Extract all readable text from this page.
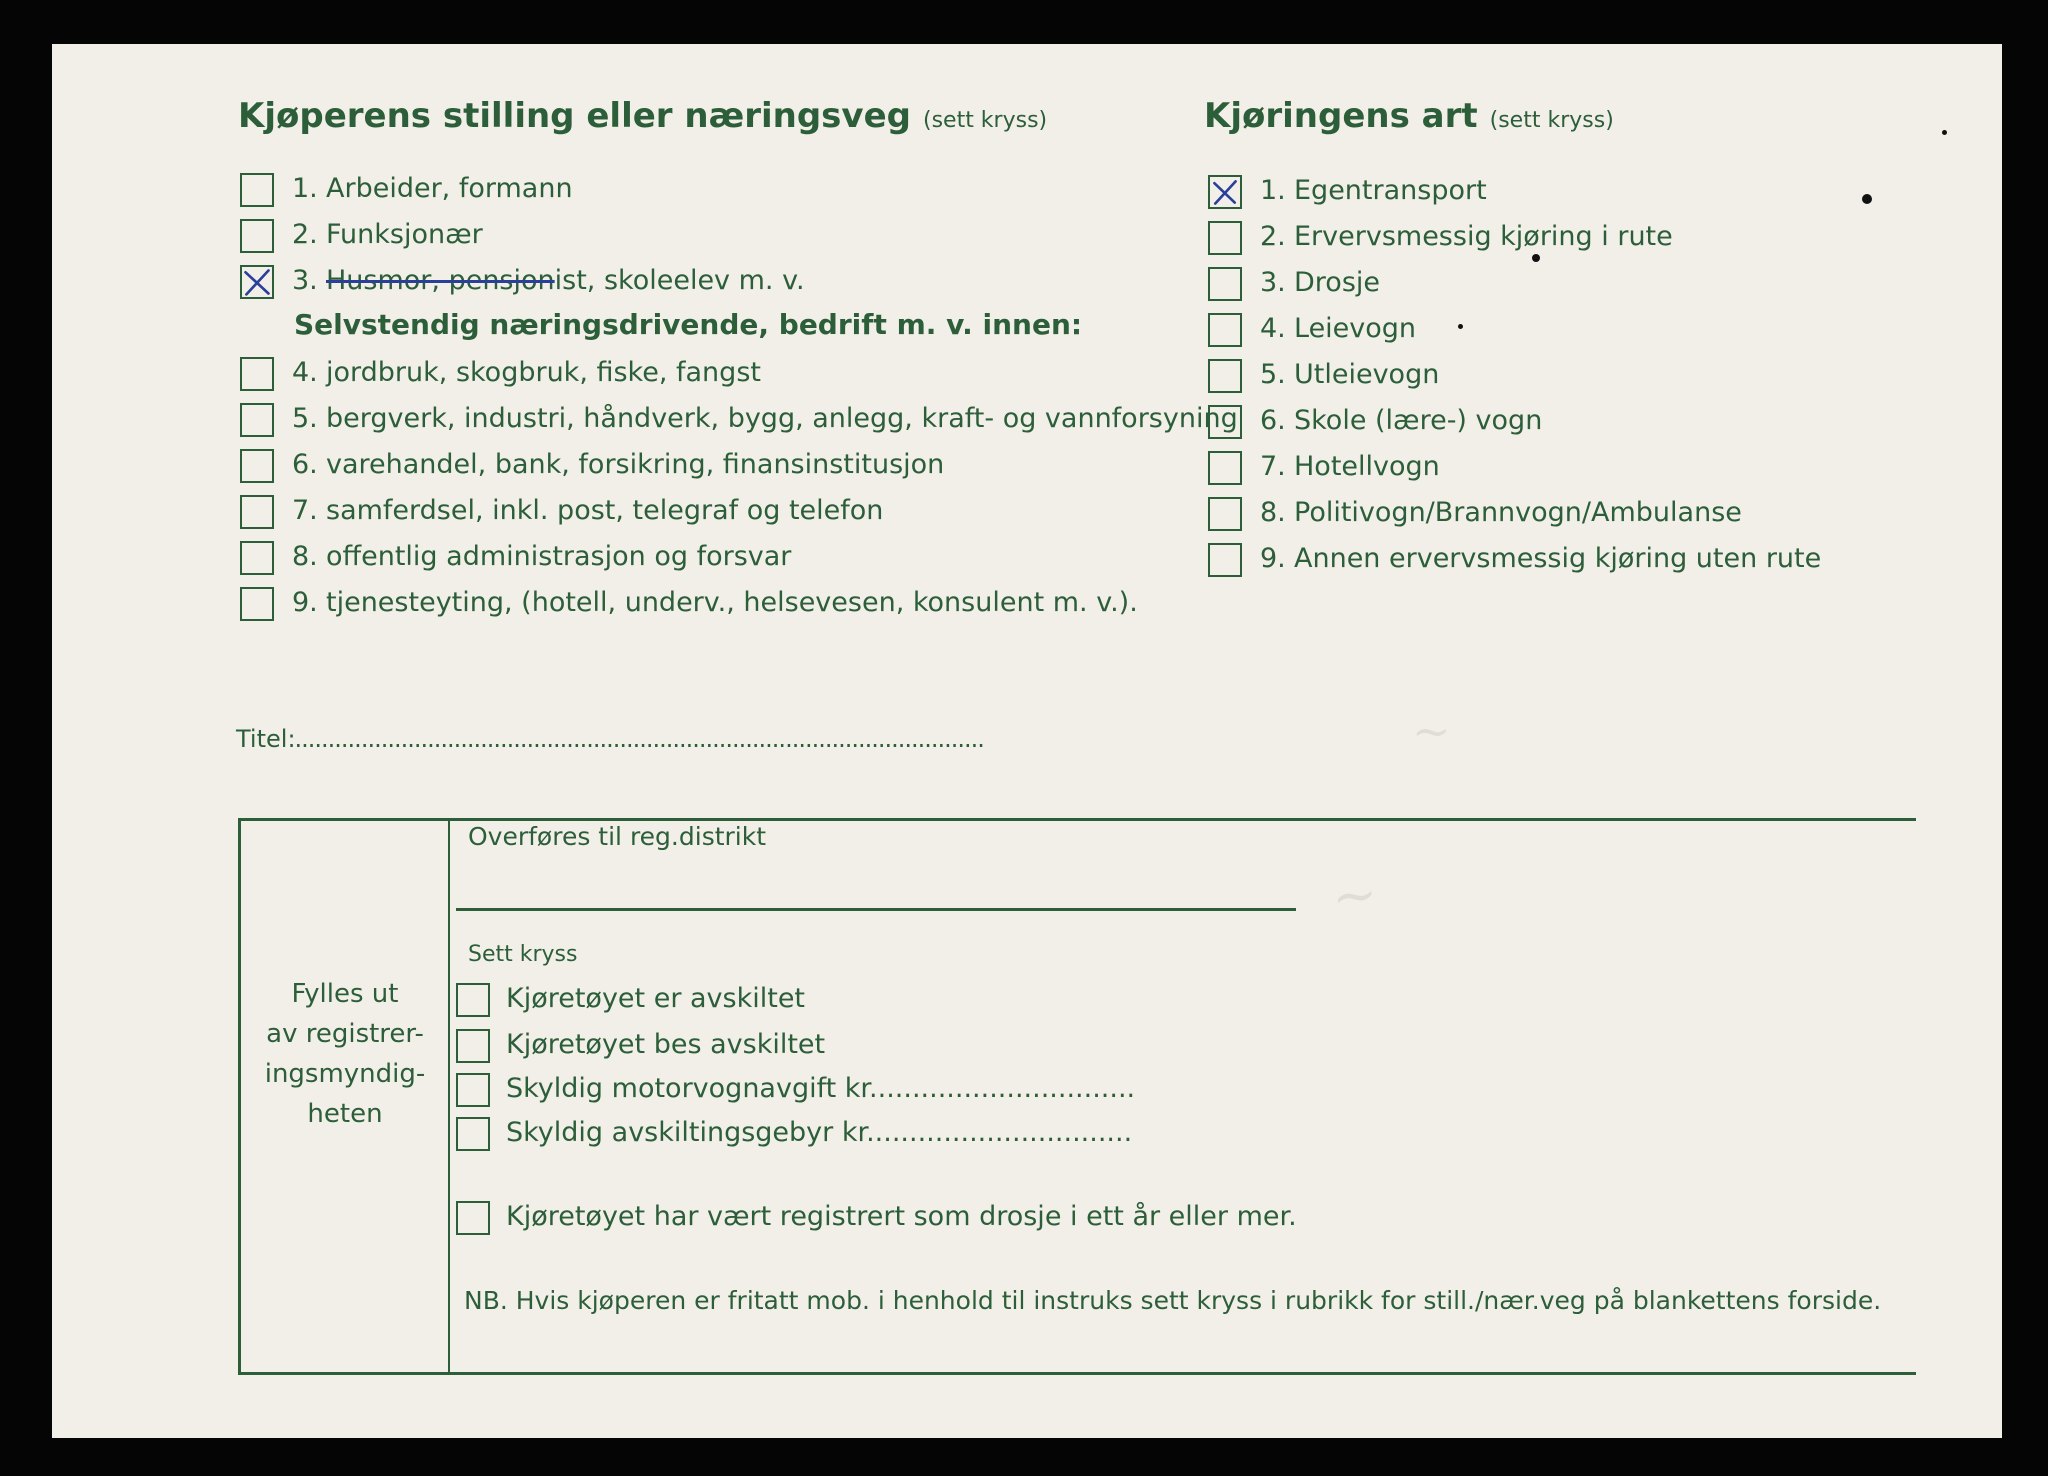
~
~
Kjøperens stilling eller næringsveg (sett kryss)
1. Arbeider, formann
2. Funksjonær
3. Husmor, pensjonist, skoleelev m. v.
Selvstendig næringsdrivende, bedrift m. v. innen:
4. jordbruk, skogbruk, fiske, fangst
5. bergverk, industri, håndverk, bygg, anlegg, kraft- og vannforsyning
6. varehandel, bank, forsikring, finansinstitusjon
7. samferdsel, inkl. post, telegraf og telefon
8. offentlig administrasjon og forsvar
9. tjenesteyting, (hotell, underv., helsevesen, konsulent m. v.).
Kjøringens art (sett kryss)
1. Egentransport
2. Ervervsmessig kjøring i rute
3. Drosje
4. Leievogn
5. Utleievogn
6. Skole (lære-) vogn
7. Hotellvogn
8. Politivogn/Brannvogn/Ambulanse
9. Annen ervervsmessig kjøring uten rute
Titel:........................................................................................................
Fylles ut
av registrer-
ingsmyndig-
heten
Overføres til reg.distrikt
Sett kryss
Kjøretøyet er avskiltet
Kjøretøyet bes avskiltet
Skyldig motorvognavgift kr...............................
Skyldig avskiltingsgebyr kr...............................
Kjøretøyet har vært registrert som drosje i ett år eller mer.
NB. Hvis kjøperen er fritatt mob. i henhold til instruks sett kryss i rubrikk for still./nær.veg på blankettens forside.
